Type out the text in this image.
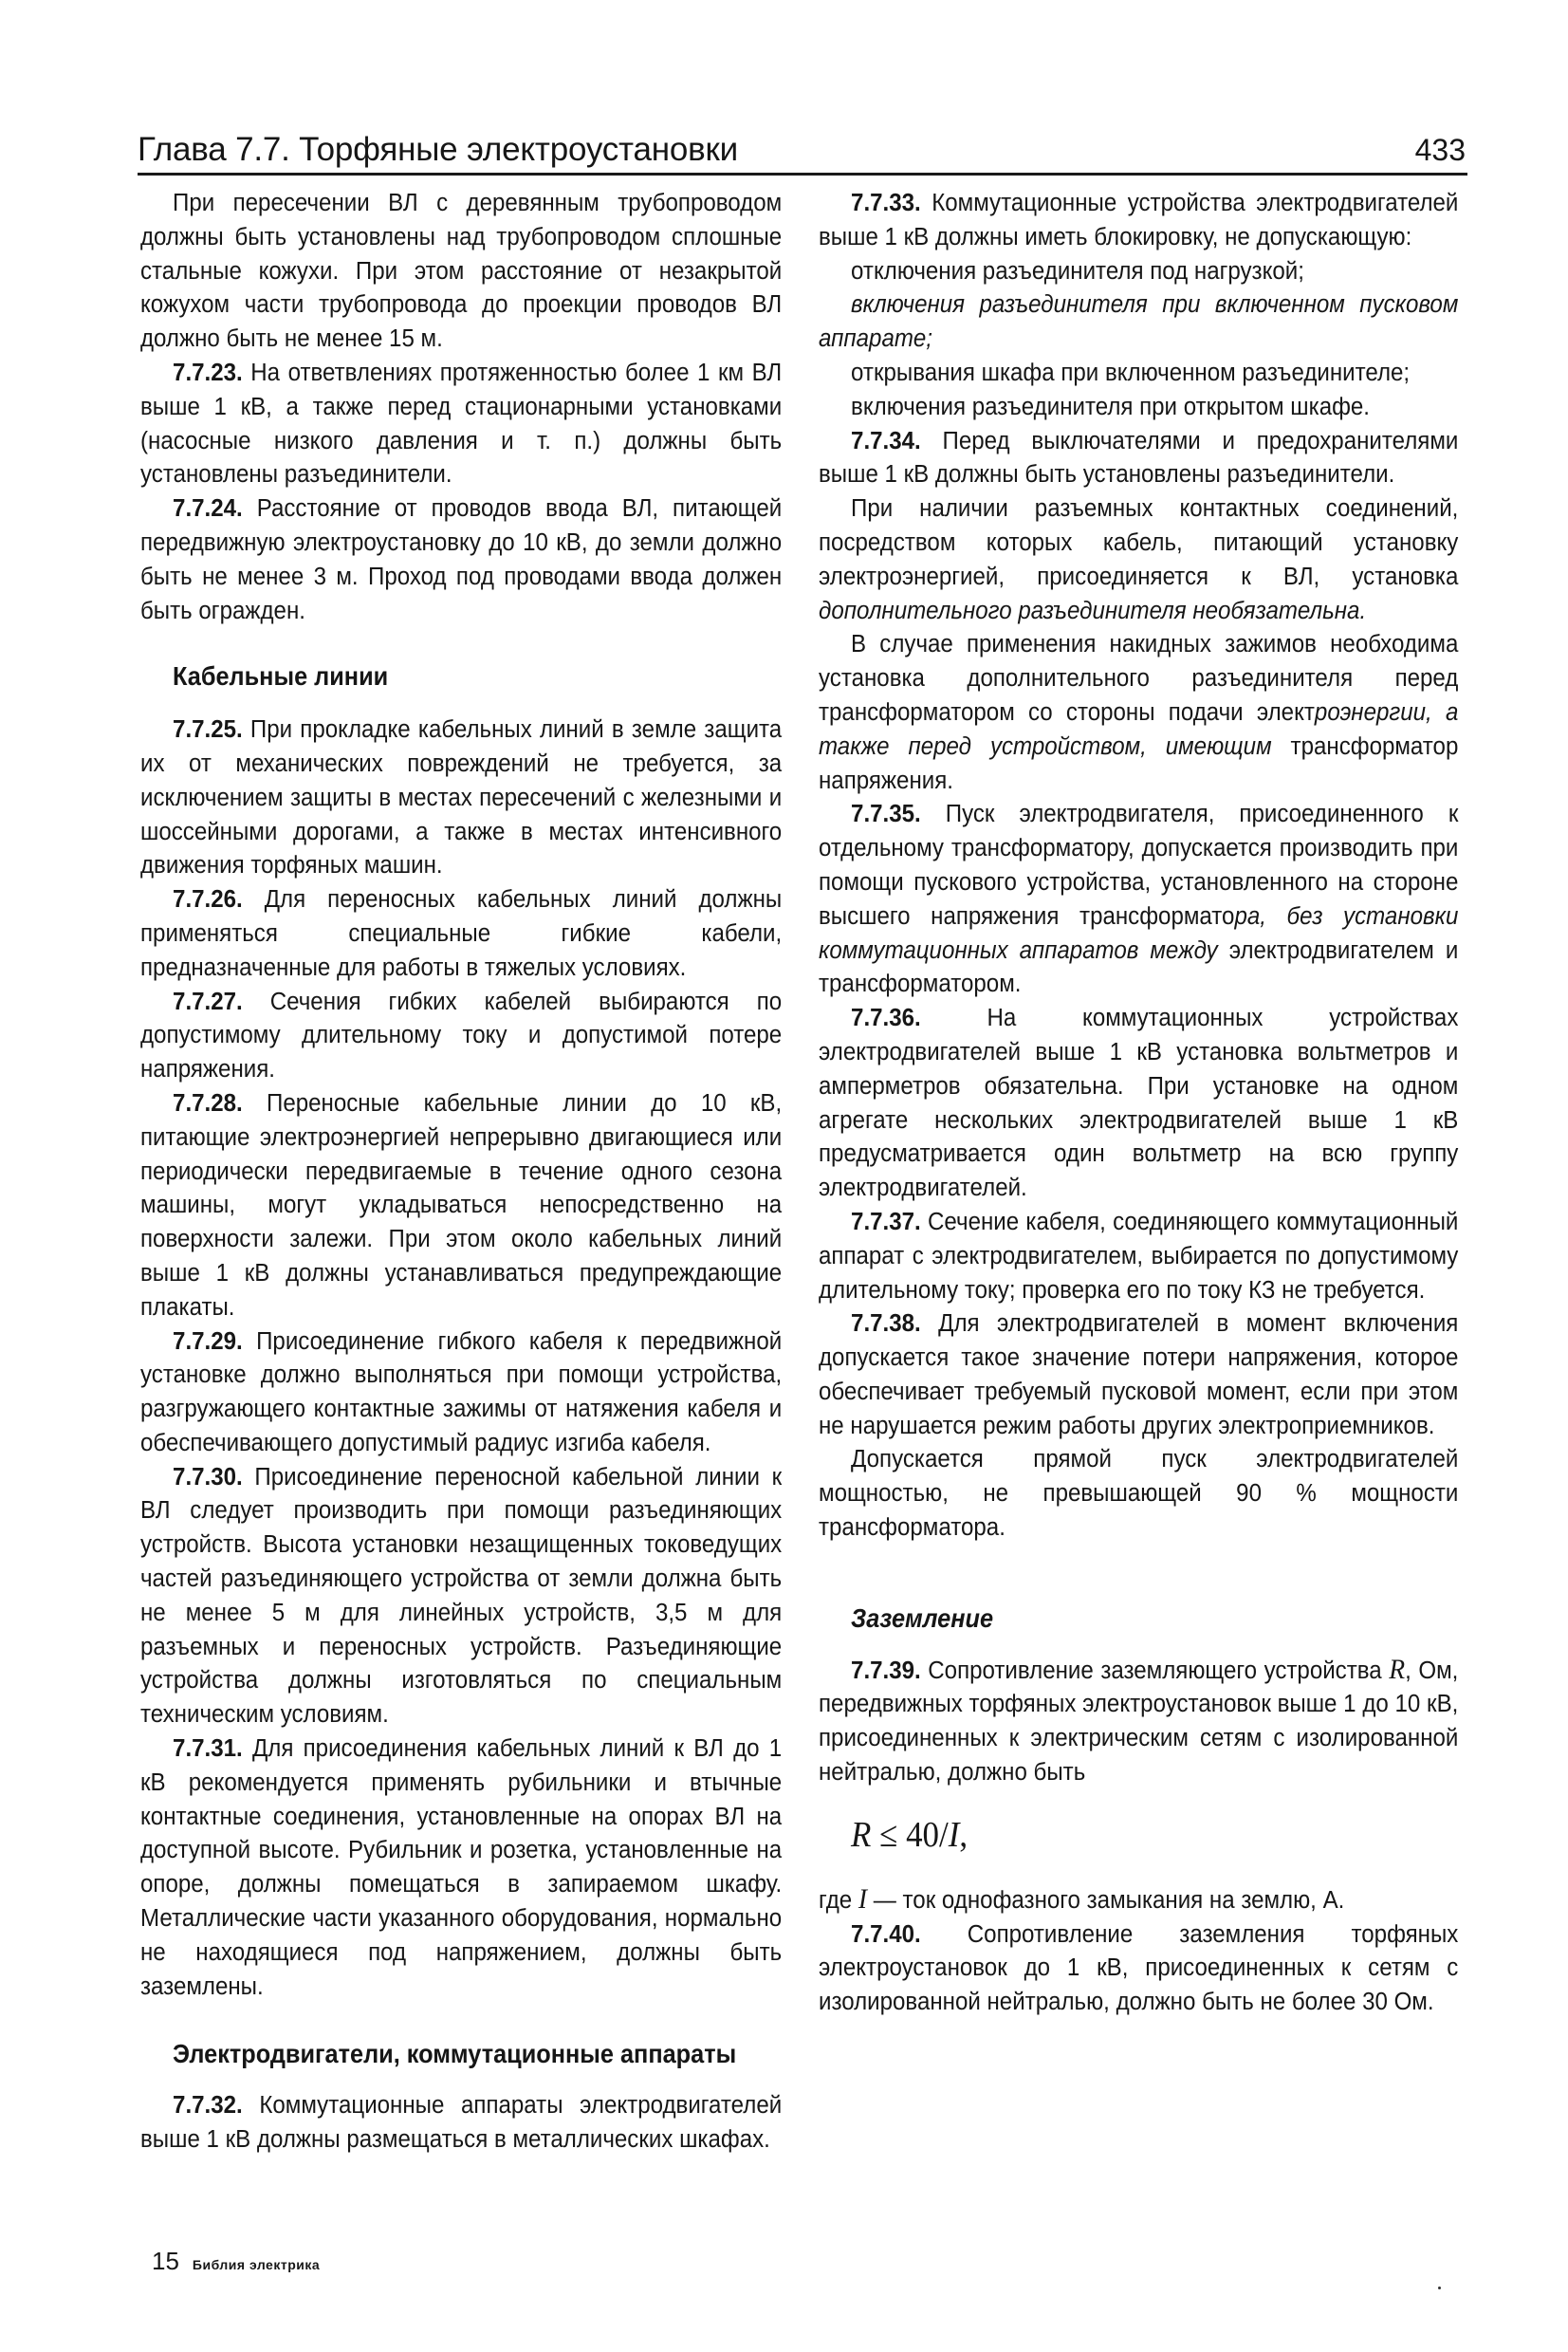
Глава 7.7. Торфяные электроустановки	433

При пересечении ВЛ с деревянным трубопроводом должны быть установлены над трубопроводом сплошные стальные кожухи. При этом расстояние от незакрытой кожухом части трубопровода до проекции проводов ВЛ должно быть не менее 15 м.

7.7.23. На ответвлениях протяженностью более 1 км ВЛ выше 1 кВ, а также перед стационарными установками (насосные низкого давления и т. п.) должны быть установлены разъединители.

7.7.24. Расстояние от проводов ввода ВЛ, питающей передвижную электроустановку до 10 кВ, до земли должно быть не менее 3 м. Проход под проводами ввода должен быть огражден.

Кабельные линии

7.7.25. При прокладке кабельных линий в земле защита их от механических повреждений не требуется, за исключением защиты в местах пересечений с железными и шоссейными дорогами, а также в местах интенсивного движения торфяных машин.

7.7.26. Для переносных кабельных линий должны применяться специальные гибкие кабели, предназначенные для работы в тяжелых условиях.

7.7.27. Сечения гибких кабелей выбираются по допустимому длительному току и допустимой потере напряжения.

7.7.28. Переносные кабельные линии до 10 кВ, питающие электроэнергией непрерывно двигающиеся или периодически передвигаемые в течение одного сезона машины, могут укладываться непосредственно на поверхности залежи. При этом около кабельных линий выше 1 кВ должны устанавливаться предупреждающие плакаты.

7.7.29. Присоединение гибкого кабеля к передвижной установке должно выполняться при помощи устройства, разгружающего контактные зажимы от натяжения кабеля и обеспечивающего допустимый радиус изгиба кабеля.

7.7.30. Присоединение переносной кабельной линии к ВЛ следует производить при помощи разъединяющих устройств. Высота установки незащищенных токоведущих частей разъединяющего устройства от земли должна быть не менее 5 м для линейных устройств, 3,5 м для разъемных и переносных устройств. Разъединяющие устройства должны изготовляться по специальным техническим условиям.

7.7.31. Для присоединения кабельных линий к ВЛ до 1 кВ рекомендуется применять рубильники и втычные контактные соединения, установленные на опорах ВЛ на доступной высоте. Рубильник и розетка, установленные на опоре, должны помещаться в запираемом шкафу. Металлические части указанного оборудования, нормально не находящиеся под напряжением, должны быть заземлены.

Электродвигатели, коммутационные аппараты

7.7.32. Коммутационные аппараты электродвигателей выше 1 кВ должны размещаться в металлических шкафах.

7.7.33. Коммутационные устройства электродвигателей выше 1 кВ должны иметь блокировку, не допускающую:

отключения разъединителя под нагрузкой;

включения разъединителя при включенном пусковом аппарате;

открывания шкафа при включенном разъединителе;

включения разъединителя при открытом шкафе.

7.7.34. Перед выключателями и предохранителями выше 1 кВ должны быть установлены разъединители.

При наличии разъемных контактных соединений, посредством которых кабель, питающий установку электроэнергией, присоединяется к ВЛ, установка дополнительного разъединителя необязательна.

В случае применения накидных зажимов необходима установка дополнительного разъединителя перед трансформатором со стороны подачи электроэнергии, а также перед устройством, имеющим трансформатор напряжения.

7.7.35. Пуск электродвигателя, присоединенного к отдельному трансформатору, допускается производить при помощи пускового устройства, установленного на стороне высшего напряжения трансформатора, без установки коммутационных аппаратов между электродвигателем и трансформатором.

7.7.36.	На коммутационных устройствах электродвигателей выше 1 кВ установка вольтметров и амперметров обязательна. При установке на одном агрегате нескольких электродвигателей выше 1 кВ предусматривается один вольтметр на всю группу электродвигателей.

7.7.37. Сечение кабеля, соединяющего коммутационный аппарат с электродвигателем, выбирается по допустимому длительному току; проверка его по току КЗ не требуется.

7.7.38. Для электродвигателей в момент включения допускается такое значение потери напряжения, которое обеспечивает требуемый пусковой момент, если при этом не нарушается режим работы других электроприемников.

Допускается прямой пуск электродвигателей мощностью, не превышающей 90 % мощности трансформатора.

Заземление

7.7.39. Сопротивление заземляющего устройства R, Ом, передвижных торфяных электроустановок выше 1 до 10 кВ, присоединенных к электрическим сетям с изолированной нейтралью, должно быть

R ≤ 40/I,

где I — ток однофазного замыкания на землю, А.

7.7.40. Сопротивление заземления торфяных электроустановок до 1 кВ, присоединенных к сетям с изолированной нейтралью, должно быть не более 30 Ом.

15 Библия электрика
